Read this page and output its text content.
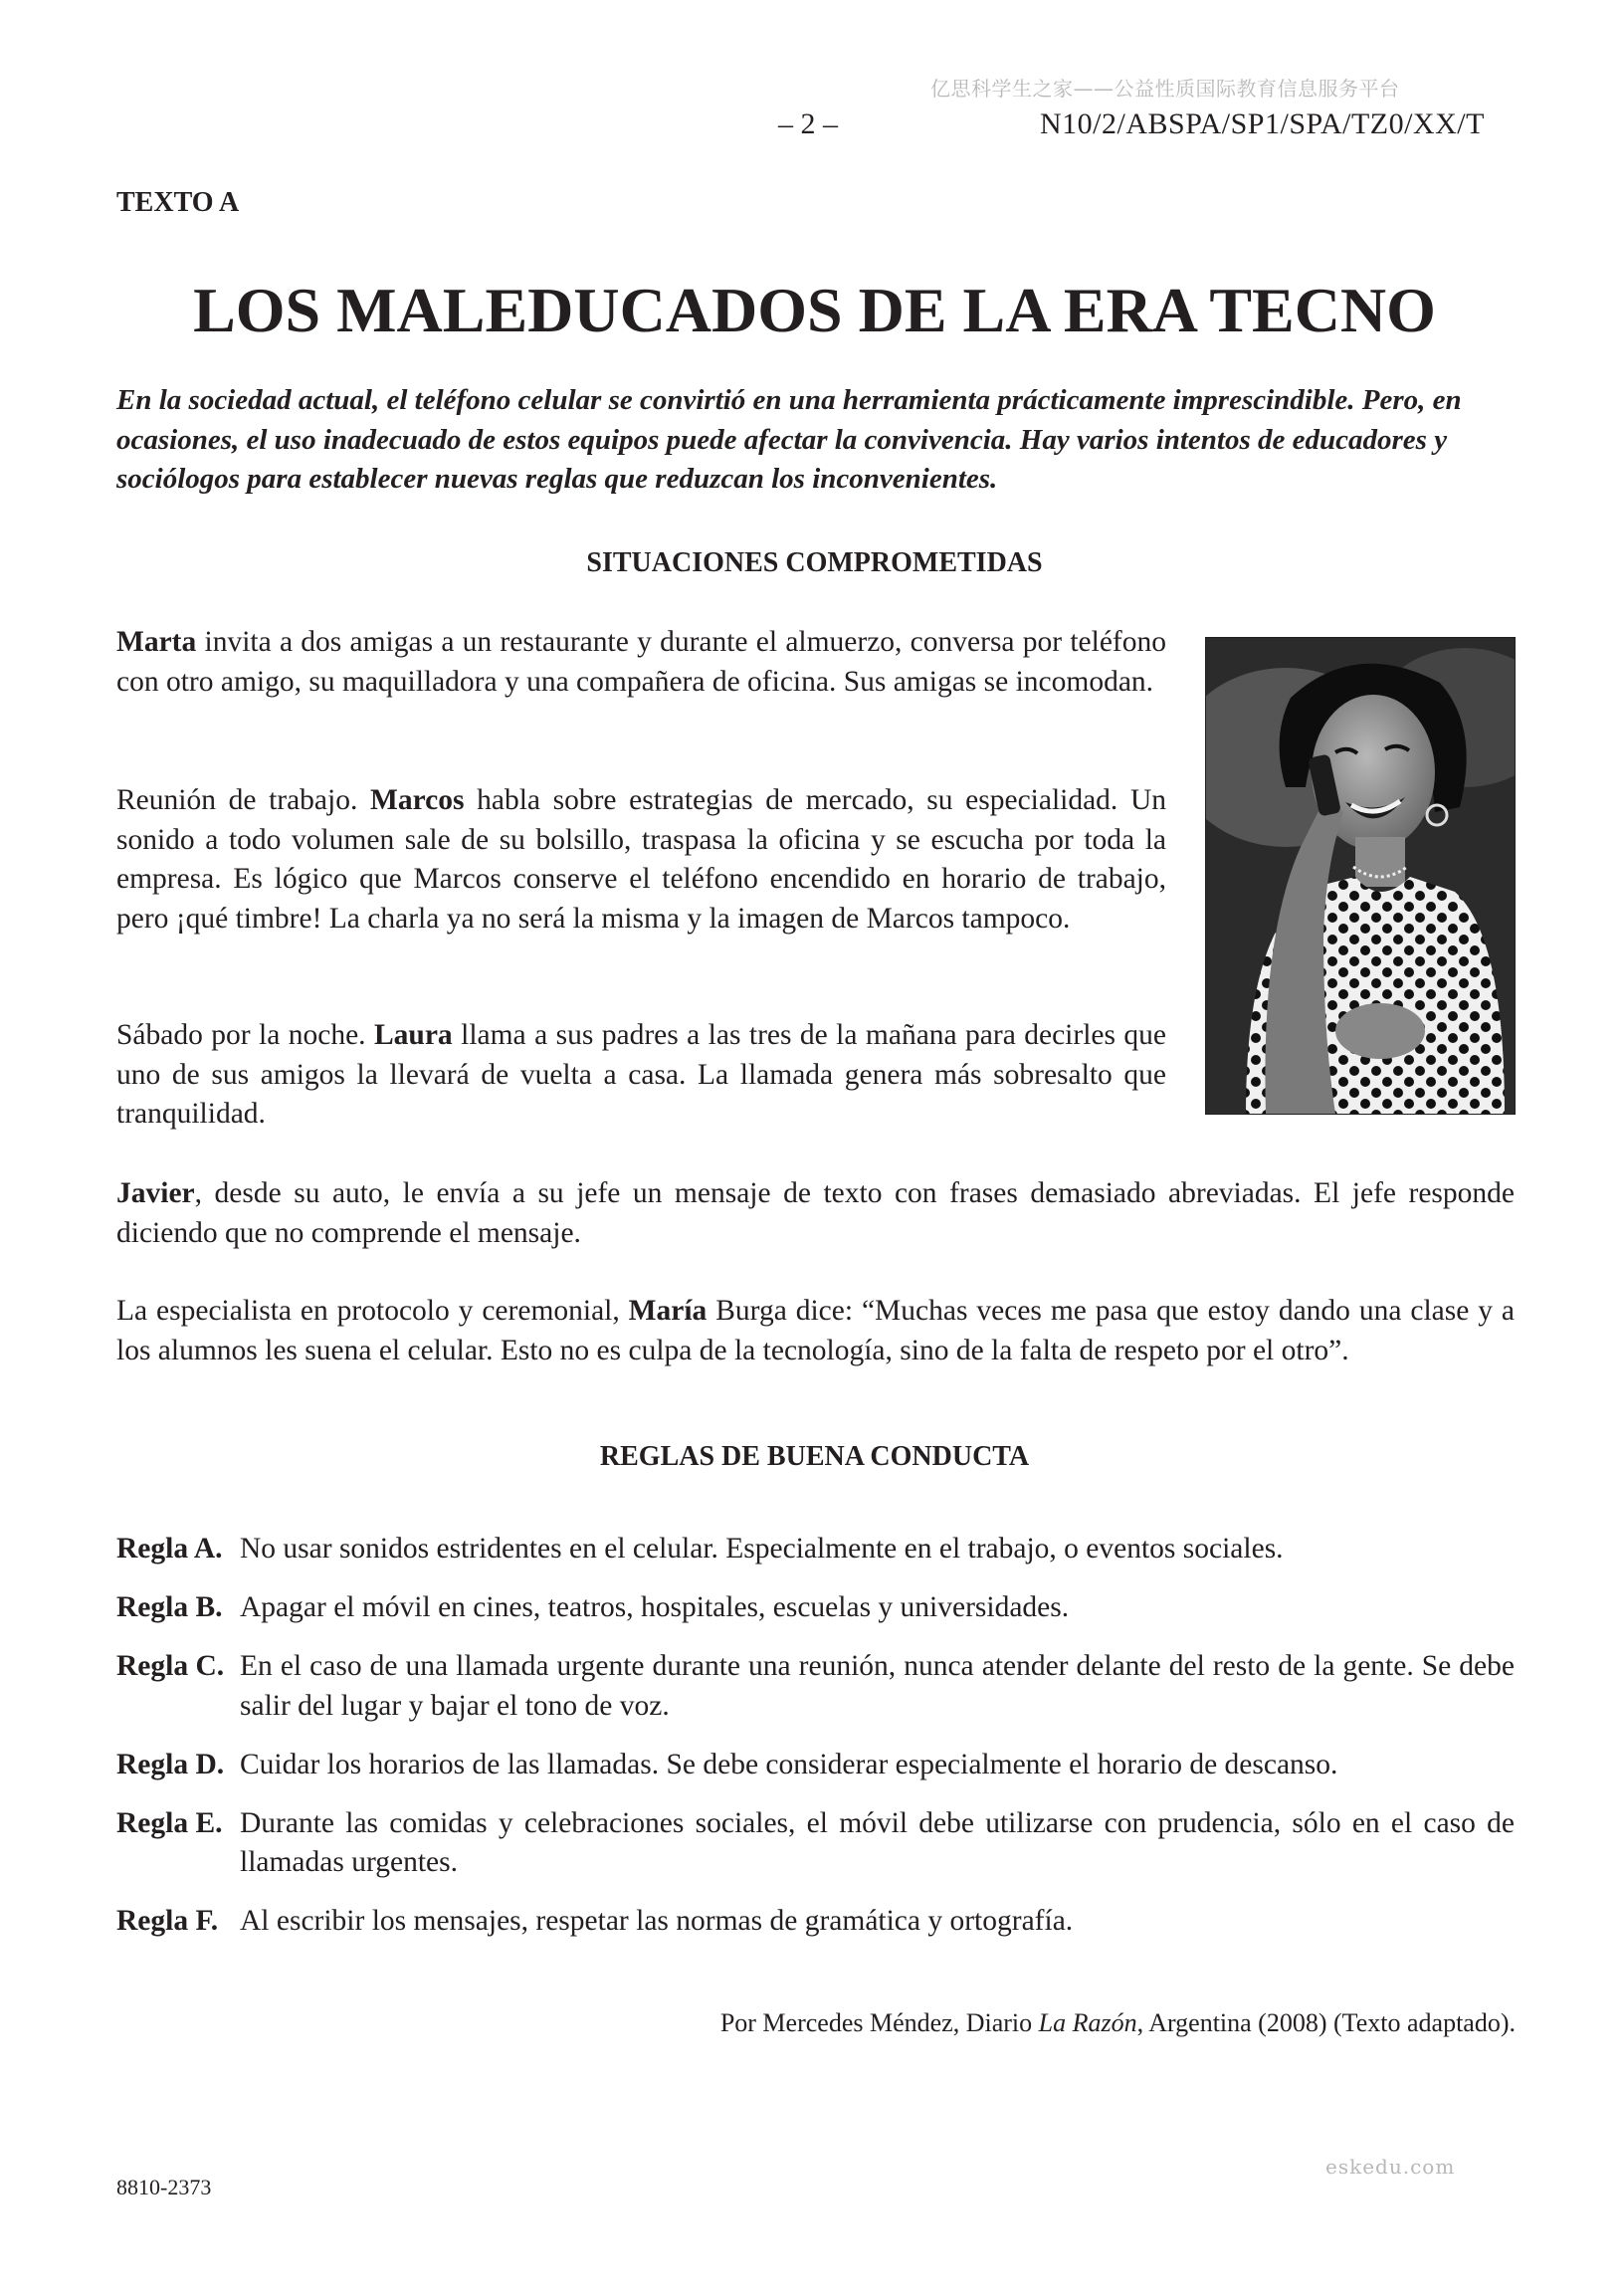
亿思科学生之家——公益性质国际教育信息服务平台
– 2 –	N10/2/ABSPA/SP1/SPA/TZ0/XX/T
TEXTO A
LOS MALEDUCADOS DE LA ERA TECNO

En la sociedad actual, el teléfono celular se convirtió en una herramienta prácticamente imprescindible. Pero, en ocasiones, el uso inadecuado de estos equipos puede afectar la convivencia. Hay varios intentos de educadores y sociólogos para establecer nuevas reglas que reduzcan los inconvenientes.

SITUACIONES COMPROMETIDAS

Marta invita a dos amigas a un restaurante y durante el almuerzo, conversa por teléfono con otro amigo, su maquilladora y una compañera de oficina. Sus amigas se incomodan.

Reunión de trabajo. Marcos habla sobre estrategias de mercado, su especialidad. Un sonido a todo volumen sale de su bolsillo, traspasa la oficina y se escucha por toda la empresa. Es lógico que Marcos conserve el teléfono encendido en horario de trabajo, pero ¡qué timbre! La charla ya no será la misma y la imagen de Marcos tampoco.

Sábado por la noche. Laura llama a sus padres a las tres de la mañana para decirles que uno de sus amigos la llevará de vuelta a casa. La llamada genera más sobresalto que tranquilidad.

Javier, desde su auto, le envía a su jefe un mensaje de texto con frases demasiado abreviadas. El jefe responde diciendo que no comprende el mensaje.

La especialista en protocolo y ceremonial, María Burga dice: “Muchas veces me pasa que estoy dando una clase y a los alumnos les suena el celular. Esto no es culpa de la tecnología, sino de la falta de respeto por el otro”.

REGLAS DE BUENA CONDUCTA
Regla A. No usar sonidos estridentes en el celular. Especialmente en el trabajo, o eventos sociales.
Regla B. Apagar el móvil en cines, teatros, hospitales, escuelas y universidades.
Regla C. En el caso de una llamada urgente durante una reunión, nunca atender delante del resto de la gente. Se debe salir del lugar y bajar el tono de voz.
Regla D. Cuidar los horarios de las llamadas. Se debe considerar especialmente el horario de descanso.
Regla E. Durante las comidas y celebraciones sociales, el móvil debe utilizarse con prudencia, sólo en el caso de llamadas urgentes.
Regla F. Al escribir los mensajes, respetar las normas de gramática y ortografía.
Por Mercedes Méndez, Diario La Razón, Argentina (2008) (Texto adaptado).
eskedu.com
8810-2373
